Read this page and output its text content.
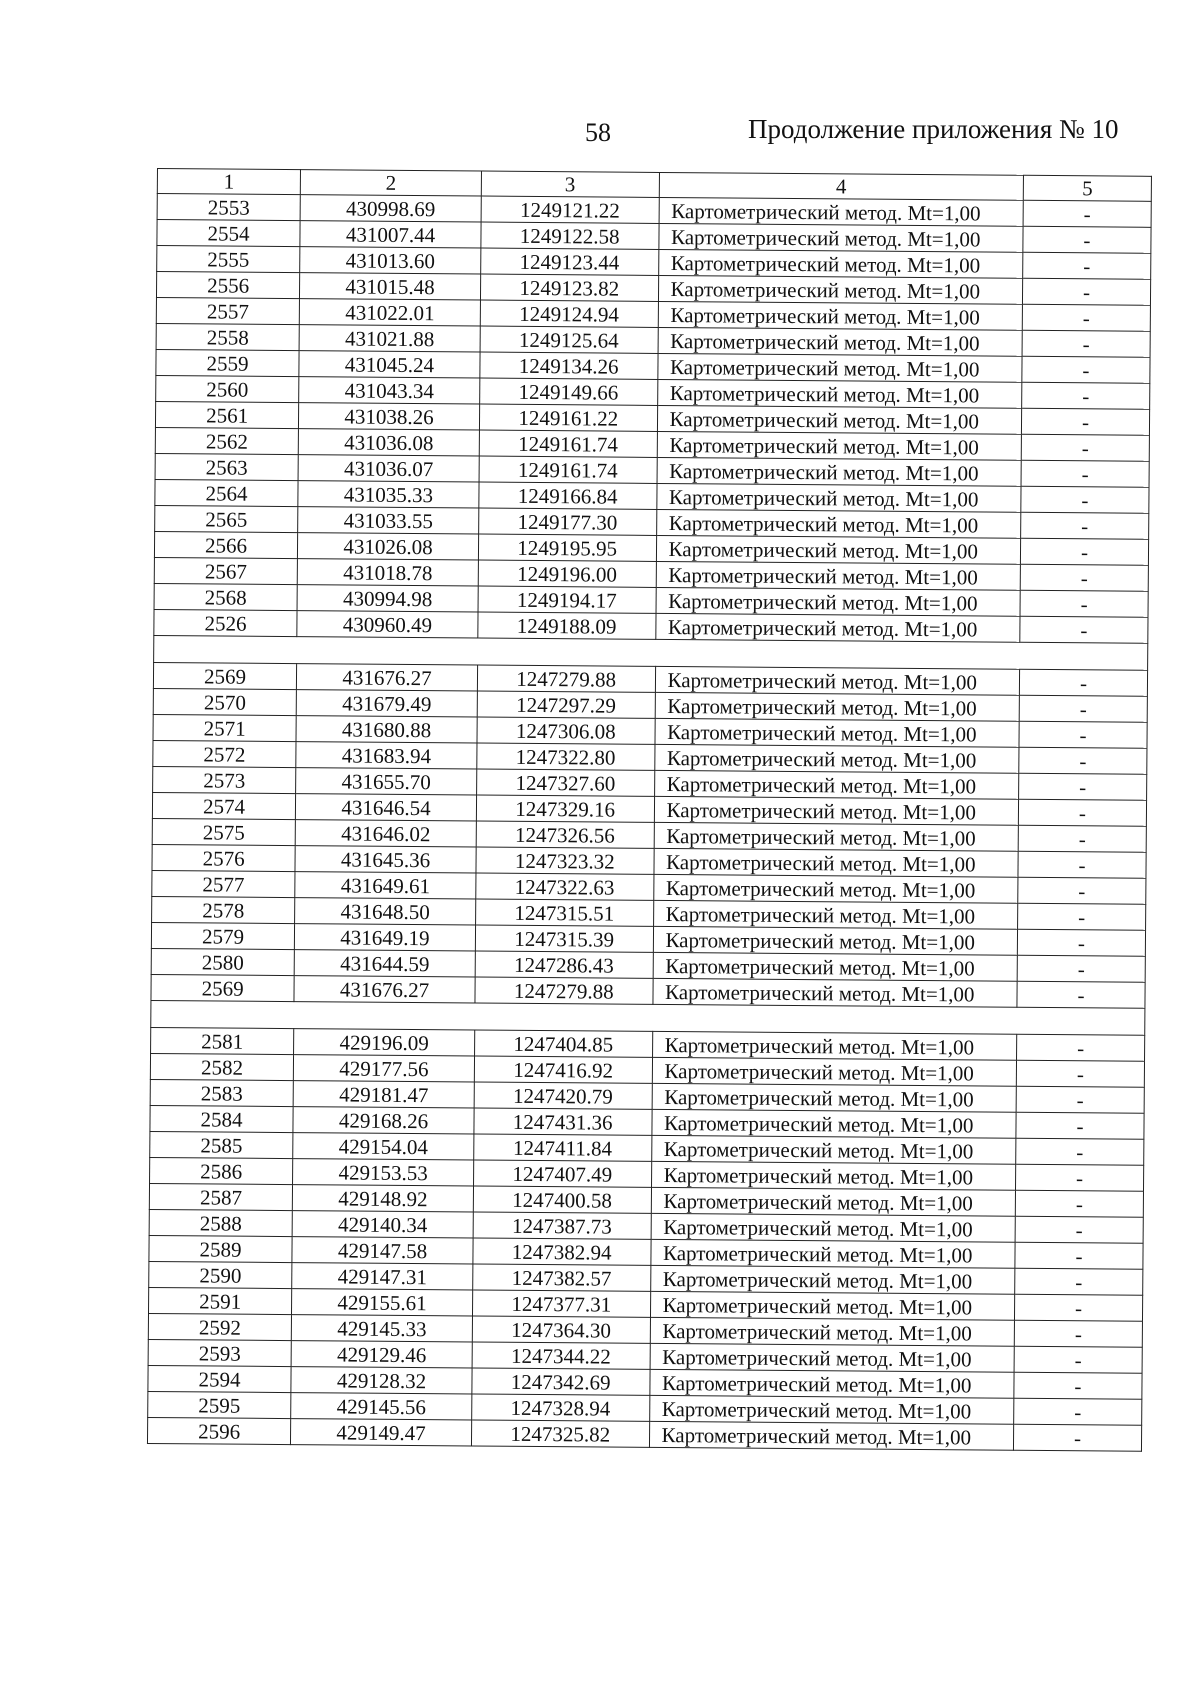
58	Продолжение приложения № 10
1	2	3	4	5
2553	430998.69	1249121.22	Картометрический метод. Mt=1,00	-
2554	431007.44	1249122.58	Картометрический метод. Mt=1,00	-
2555	431013.60	1249123.44	Картометрический метод. Mt=1,00	-
2556	431015.48	1249123.82	Картометрический метод. Mt=1,00	-
2557	431022.01	1249124.94	Картометрический метод. Mt=1,00	-
2558	431021.88	1249125.64	Картометрический метод. Mt=1,00	-
2559	431045.24	1249134.26	Картометрический метод. Mt=1,00	-
2560	431043.34	1249149.66	Картометрический метод. Mt=1,00	-
2561	431038.26	1249161.22	Картометрический метод. Mt=1,00	-
2562	431036.08	1249161.74	Картометрический метод. Mt=1,00	-
2563	431036.07	1249161.74	Картометрический метод. Mt=1,00	-
2564	431035.33	1249166.84	Картометрический метод. Mt=1,00	-
2565	431033.55	1249177.30	Картометрический метод. Mt=1,00	-
2566	431026.08	1249195.95	Картометрический метод. Mt=1,00	-
2567	431018.78	1249196.00	Картометрический метод. Mt=1,00	-
2568	430994.98	1249194.17	Картометрический метод. Mt=1,00	-
2526	430960.49	1249188.09	Картометрический метод. Mt=1,00	-

2569	431676.27	1247279.88	Картометрический метод. Mt=1,00	-
2570	431679.49	1247297.29	Картометрический метод. Mt=1,00	-
2571	431680.88	1247306.08	Картометрический метод. Mt=1,00	-
2572	431683.94	1247322.80	Картометрический метод. Mt=1,00	-
2573	431655.70	1247327.60	Картометрический метод. Mt=1,00	-
2574	431646.54	1247329.16	Картометрический метод. Mt=1,00	-
2575	431646.02	1247326.56	Картометрический метод. Mt=1,00	-
2576	431645.36	1247323.32	Картометрический метод. Mt=1,00	-
2577	431649.61	1247322.63	Картометрический метод. Mt=1,00	-
2578	431648.50	1247315.51	Картометрический метод. Mt=1,00	-
2579	431649.19	1247315.39	Картометрический метод. Mt=1,00	-
2580	431644.59	1247286.43	Картометрический метод. Mt=1,00	-
2569	431676.27	1247279.88	Картометрический метод. Mt=1,00	-

2581	429196.09	1247404.85	Картометрический метод. Mt=1,00	-
2582	429177.56	1247416.92	Картометрический метод. Mt=1,00	-
2583	429181.47	1247420.79	Картометрический метод. Mt=1,00	-
2584	429168.26	1247431.36	Картометрический метод. Mt=1,00	-
2585	429154.04	1247411.84	Картометрический метод. Mt=1,00	-
2586	429153.53	1247407.49	Картометрический метод. Mt=1,00	-
2587	429148.92	1247400.58	Картометрический метод. Mt=1,00	-
2588	429140.34	1247387.73	Картометрический метод. Mt=1,00	-
2589	429147.58	1247382.94	Картометрический метод. Mt=1,00	-
2590	429147.31	1247382.57	Картометрический метод. Mt=1,00	-
2591	429155.61	1247377.31	Картометрический метод. Mt=1,00	-
2592	429145.33	1247364.30	Картометрический метод. Mt=1,00	-
2593	429129.46	1247344.22	Картометрический метод. Mt=1,00	-
2594	429128.32	1247342.69	Картометрический метод. Mt=1,00	-
2595	429145.56	1247328.94	Картометрический метод. Mt=1,00	-
2596	429149.47	1247325.82	Картометрический метод. Mt=1,00	-
